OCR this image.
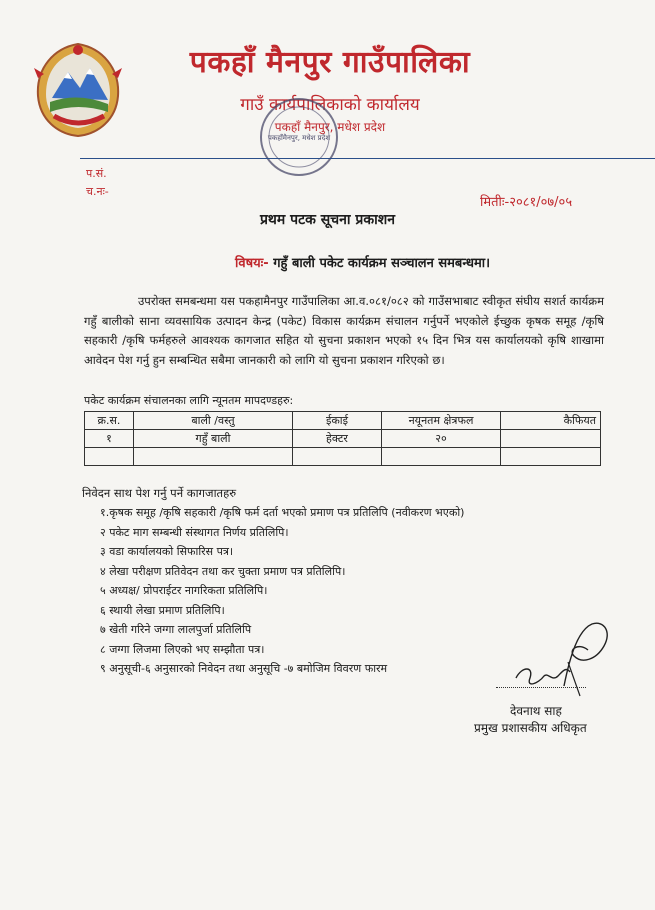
पकहाँ मैनपुर गाउँपालिका
गाउँ कार्यपालिकाको कार्यालय
पकहाँ मैनपुर, मधेश प्रदेश
पकहाँमैनपुर, मधेश प्रदेश
प.सं.
च.नः-
मितीः-२०८१/०७/०५
प्रथम पटक सूचना प्रकाशन
विषयः- गहुँ बाली पकेट कार्यक्रम सञ्चालन समबन्धमा।
उपरोक्त समबन्धमा यस पकहामैनपुर गाउँपालिका आ.व.०८१/०८२ को गाउँसभाबाट स्वीकृत संघीय सशर्त कार्यक्रम गहुँ बालीको साना व्यवसायिक उत्पादन केन्द्र (पकेट) विकास कार्यक्रम संचालन गर्नुपर्ने भएकोले ईच्छुक कृषक समूह /कृषि सहकारी /कृषि फर्महरुले आवश्यक कागजात सहित यो सुचना प्रकाशन भएको १५ दिन भित्र यस कार्यालयको कृषि शाखामा आवेदन पेश गर्नु हुन सम्बन्धित सबैमा जानकारी को लागि यो सुचना प्रकाशन गरिएको छ।
पकेट कार्यक्रम संचालनका लागि न्यूनतम मापदण्डहरु:
क्र.स.	बाली /वस्तु	ईकाई	नयूनतम क्षेत्रफल	कैफियत
१	गहुँ बाली	हेक्टर	२०	

निवेदन साथ पेश गर्नु पर्ने कागजातहरु
१.कृषक समूह /कृषि सहकारी /कृषि फर्म दर्ता भएको प्रमाण पत्र प्रतिलिपि (नवीकरण भएको)
२ पकेट माग सम्बन्धी संस्थागत निर्णय प्रतिलिपि।
३ वडा कार्यालयको सिफारिस पत्र।
४ लेखा परीक्षण प्रतिवेदन तथा कर चुक्ता प्रमाण पत्र प्रतिलिपि।
५ अध्यक्ष/ प्रोपराईटर नागरिकता प्रतिलिपि।
६ स्थायी लेखा प्रमाण प्रतिलिपि।
७ खेती गरिने जग्गा लालपुर्जा प्रतिलिपि
८ जग्गा लिजमा लिएको भए सम्झौता पत्र।
९ अनुसूची-६ अनुसारको निवेदन तथा अनुसूचि -७ बमोजिम विवरण फारम
देवनाथ साह
प्रमुख प्रशासकीय अधिकृत
